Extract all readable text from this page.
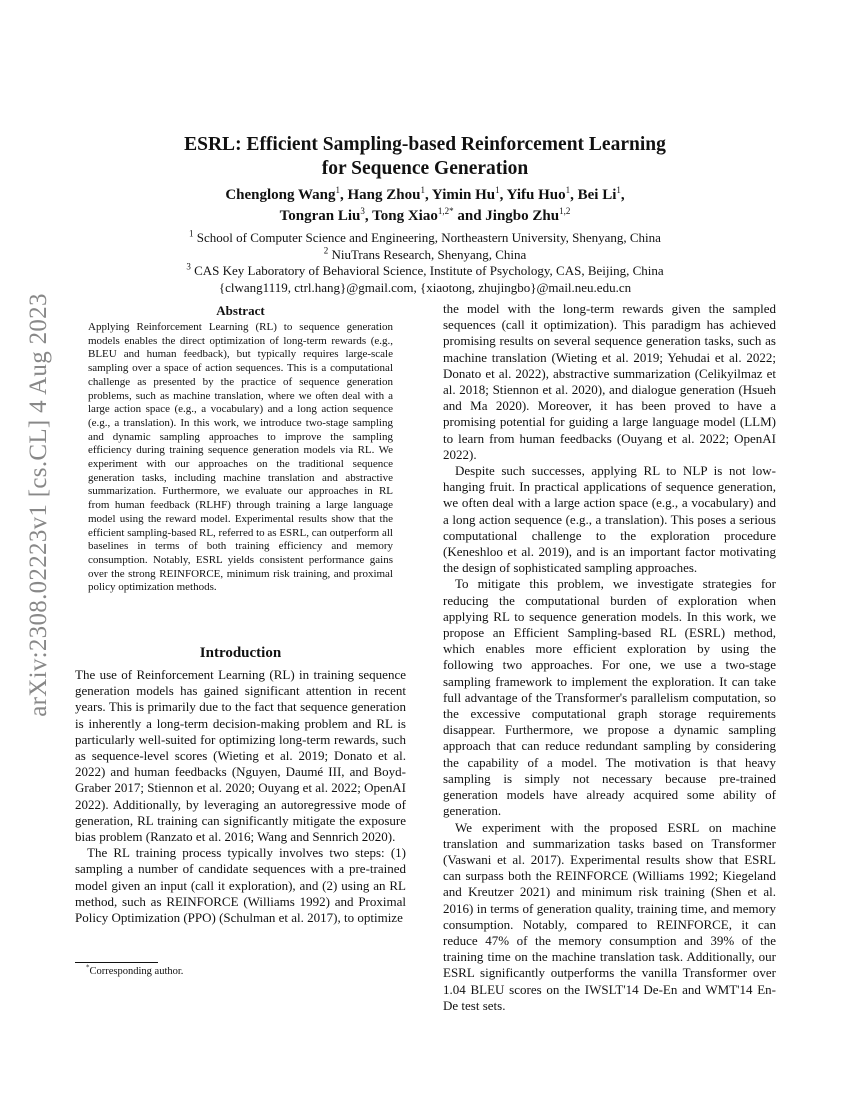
arXiv:2308.02223v1 [cs.CL] 4 Aug 2023
ESRL: Efficient Sampling-based Reinforcement Learning
for Sequence Generation
Chenglong Wang$^1$, Hang Zhou$^1$, Yimin Hu$^1$, Yifu Huo$^1$, Bei Li$^1$,
Tongran Liu$^3$, Tong Xiao$^{1,2*}$ and Jingbo Zhu$^{1,2}$
$^1$ School of Computer Science and Engineering, Northeastern University, Shenyang, China
$^2$ NiuTrans Research, Shenyang, China
$^3$ CAS Key Laboratory of Behavioral Science, Institute of Psychology, CAS, Beijing, China
{clwang1119, ctrl.hang}@gmail.com, {xiaotong, zhujingbo}@mail.neu.edu.cn
Abstract

Applying Reinforcement Learning (RL) to sequence generation models enables the direct optimization of long-term rewards (e.g., BLEU and human feedback), but typically requires large-scale sampling over a space of action sequences. This is a computational challenge as presented by the practice of sequence generation problems, such as machine translation, where we often deal with a large action space (e.g., a vocabulary) and a long action sequence (e.g., a translation). In this work, we introduce two-stage sampling and dynamic sampling approaches to improve the sampling efficiency during training sequence generation models via RL. We experiment with our approaches on the traditional sequence generation tasks, including machine translation and abstractive summarization. Furthermore, we evaluate our approaches in RL from human feedback (RLHF) through training a large language model using the reward model. Experimental results show that the efficient sampling-based RL, referred to as ESRL, can outperform all baselines in terms of both training efficiency and memory consumption. Notably, ESRL yields consistent performance gains over the strong REINFORCE, minimum risk training, and proximal policy optimization methods.

Introduction

The use of Reinforcement Learning (RL) in training sequence generation models has gained significant attention in recent years. This is primarily due to the fact that sequence generation is inherently a long-term decision-making problem and RL is particularly well-suited for optimizing long-term rewards, such as sequence-level scores (Wieting et al. 2019; Donato et al. 2022) and human feedbacks (Nguyen, Daumé III, and Boyd-Graber 2017; Stiennon et al. 2020; Ouyang et al. 2022; OpenAI 2022). Additionally, by leveraging an autoregressive mode of generation, RL training can significantly mitigate the exposure bias problem (Ranzato et al. 2016; Wang and Sennrich 2020).

The RL training process typically involves two steps: (1) sampling a number of candidate sequences with a pre-trained model given an input (call it exploration), and (2) using an RL method, such as REINFORCE (Williams 1992) and Proximal Policy Optimization (PPO) (Schulman et al. 2017), to optimize

the model with the long-term rewards given the sampled sequences (call it optimization). This paradigm has achieved promising results on several sequence generation tasks, such as machine translation (Wieting et al. 2019; Yehudai et al. 2022; Donato et al. 2022), abstractive summarization (Celikyilmaz et al. 2018; Stiennon et al. 2020), and dialogue generation (Hsueh and Ma 2020). Moreover, it has been proved to have a promising potential for guiding a large language model (LLM) to learn from human feedbacks (Ouyang et al. 2022; OpenAI 2022).

Despite such successes, applying RL to NLP is not low-hanging fruit. In practical applications of sequence generation, we often deal with a large action space (e.g., a vocabulary) and a long action sequence (e.g., a translation). This poses a serious computational challenge to the exploration procedure (Keneshloo et al. 2019), and is an important factor motivating the design of sophisticated sampling approaches.

To mitigate this problem, we investigate strategies for reducing the computational burden of exploration when applying RL to sequence generation models. In this work, we propose an Efficient Sampling-based RL (ESRL) method, which enables more efficient exploration by using the following two approaches. For one, we use a two-stage sampling framework to implement the exploration. It can take full advantage of the Transformer's parallelism computation, so the excessive computational graph storage requirements disappear. Furthermore, we propose a dynamic sampling approach that can reduce redundant sampling by considering the capability of a model. The motivation is that heavy sampling is simply not necessary because pre-trained generation models have already acquired some ability of generation.

We experiment with the proposed ESRL on machine translation and summarization tasks based on Transformer (Vaswani et al. 2017). Experimental results show that ESRL can surpass both the REINFORCE (Williams 1992; Kiegeland and Kreutzer 2021) and minimum risk training (Shen et al. 2016) in terms of generation quality, training time, and memory consumption. Notably, compared to REINFORCE, it can reduce 47% of the memory consumption and 39% of the training time on the machine translation task. Additionally, our ESRL significantly outperforms the vanilla Transformer over 1.04 BLEU scores on the IWSLT'14 De-En and WMT'14 En-De test sets.

*Corresponding author.
